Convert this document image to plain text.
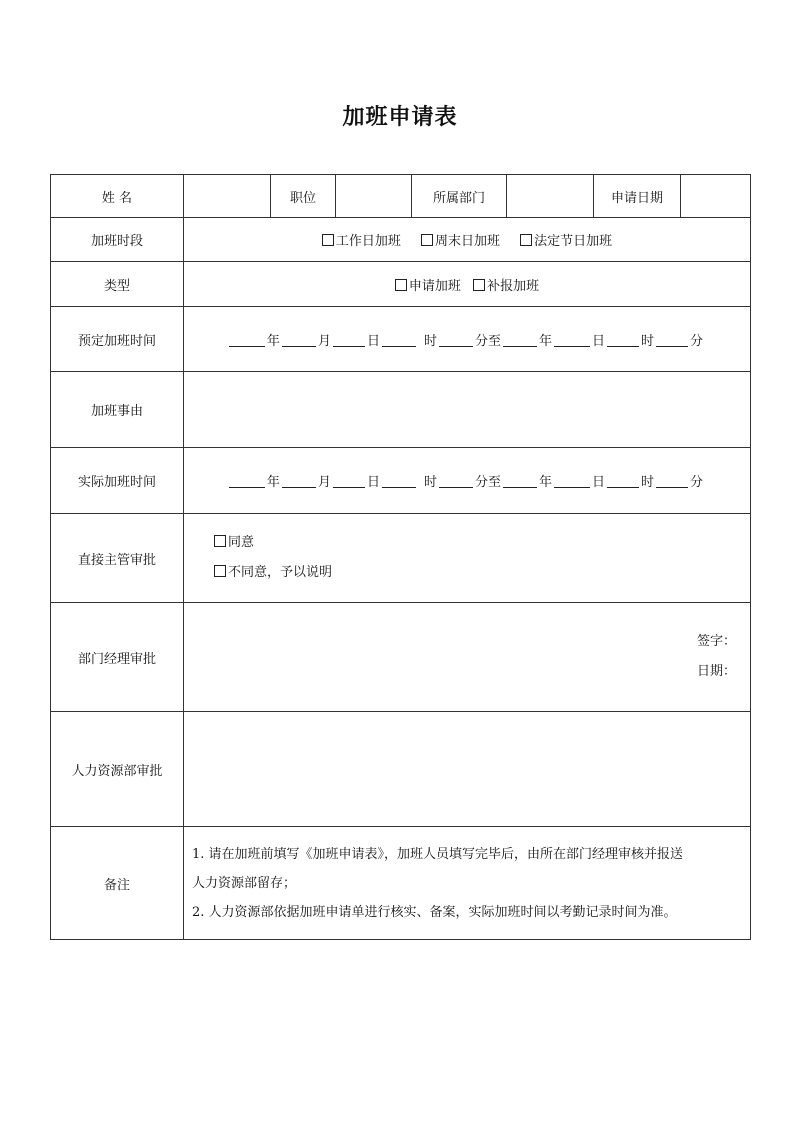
加班申请表
姓 名		职位		所属部门		申请日期	
加班时段	工作日加班 周末日加班 法定节日加班						
类型	申请加班 补报加班						
预定加班时间	年 月 日 时 分至 年 日 时 分						
加班事由							
实际加班时间	年 月 日 时 分至 年 日 时 分						
直接主管审批	同意
不同意，予以说明						

部门经理审批	签字：
日期：						

人力资源部审批							
备注	1. 请在加班前填写《加班申请表》，加班人员填写完毕后，由所在部门经理审核并报送
人力资源部留存；
2. 人力资源部依据加班申请单进行核实、备案，实际加班时间以考勤记录时间为准。						
